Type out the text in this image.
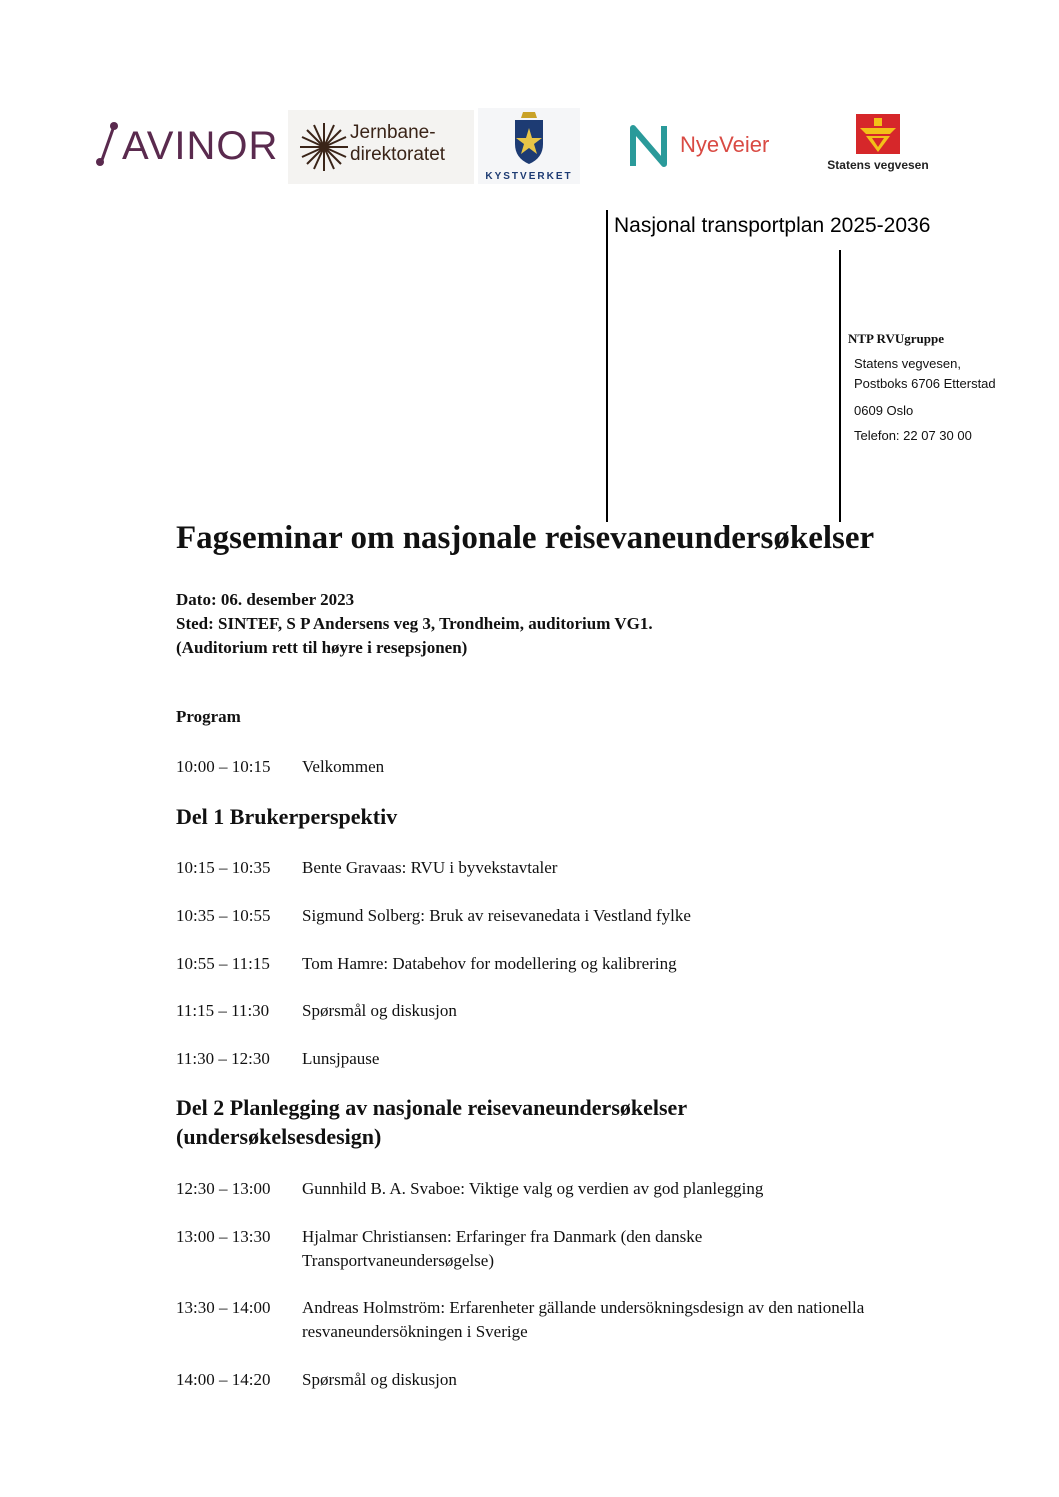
AVINOR	Jernbane-
direktoratet
KYSTVERKET
NyeVeier
Statens vegvesen
Nasjonal transportplan 2025-2036
NTP RVUgruppe
Statens vegvesen,
Postboks 6706 Etterstad
0609 Oslo
Telefon: 22 07 30 00
Fagseminar om nasjonale reisevaneundersøkelser
Dato: 06. desember 2023
Sted: SINTEF, S P Andersens veg 3, Trondheim, auditorium VG1.
(Auditorium rett til høyre i resepsjonen)
Program
10:00 – 10:15 Velkommen
Del 1 Brukerperspektiv
10:15 – 10:35 Bente Gravaas: RVU i byvekstavtaler
10:35 – 10:55 Sigmund Solberg: Bruk av reisevanedata i Vestland fylke
10:55 – 11:15 Tom Hamre: Databehov for modellering og kalibrering
11:15 – 11:30 Spørsmål og diskusjon
11:30 – 12:30 Lunsjpause
Del 2 Planlegging av nasjonale reisevaneundersøkelser
(undersøkelsesdesign)
12:30 – 13:00 Gunnhild B. A. Svaboe: Viktige valg og verdien av god planlegging
13:00 – 13:30 Hjalmar Christiansen: Erfaringer fra Danmark (den danske Transportvaneundersøgelse)
13:30 – 14:00 Andreas Holmström: Erfarenheter gällande undersökningsdesign av den nationella resvaneundersökningen i Sverige
14:00 – 14:20 Spørsmål og diskusjon
